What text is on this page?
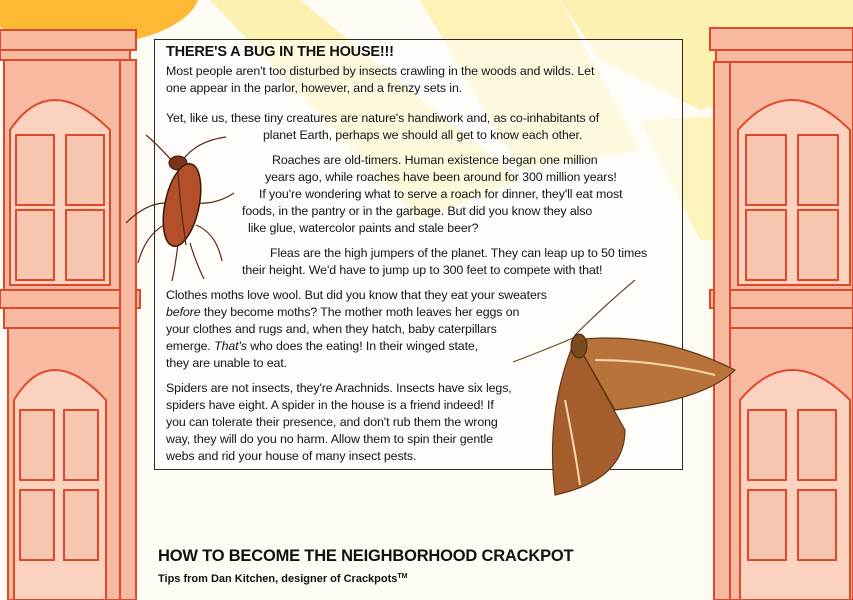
THERE'S A BUG IN THE HOUSE!!!
Most people aren't too disturbed by insects crawling in the woods and wilds. Let
one appear in the parlor, however, and a frenzy sets in.
Yet, like us, these tiny creatures are nature's handiwork and, as co-inhabitants of
planet Earth, perhaps we should all get to know each other.
Roaches are old-timers. Human existence began one million
years ago, while roaches have been around for 300 million years!
If you're wondering what to serve a roach for dinner, they'll eat most
foods, in the pantry or in the garbage. But did you know they also
like glue, watercolor paints and stale beer?
Fleas are the high jumpers of the planet. They can leap up to 50 times
their height. We'd have to jump up to 300 feet to compete with that!
Clothes moths love wool. But did you know that they eat your sweaters
before they become moths? The mother moth leaves her eggs on
your clothes and rugs and, when they hatch, baby caterpillars
emerge. That's who does the eating! In their winged state,
they are unable to eat.
Spiders are not insects, they're Arachnids. Insects have six legs,
spiders have eight. A spider in the house is a friend indeed! If
you can tolerate their presence, and don't rub them the wrong
way, they will do you no harm. Allow them to spin their gentle
webs and rid your house of many insect pests.
HOW TO BECOME THE NEIGHBORHOOD CRACKPOT
Tips from Dan Kitchen, designer of Crackpots™
